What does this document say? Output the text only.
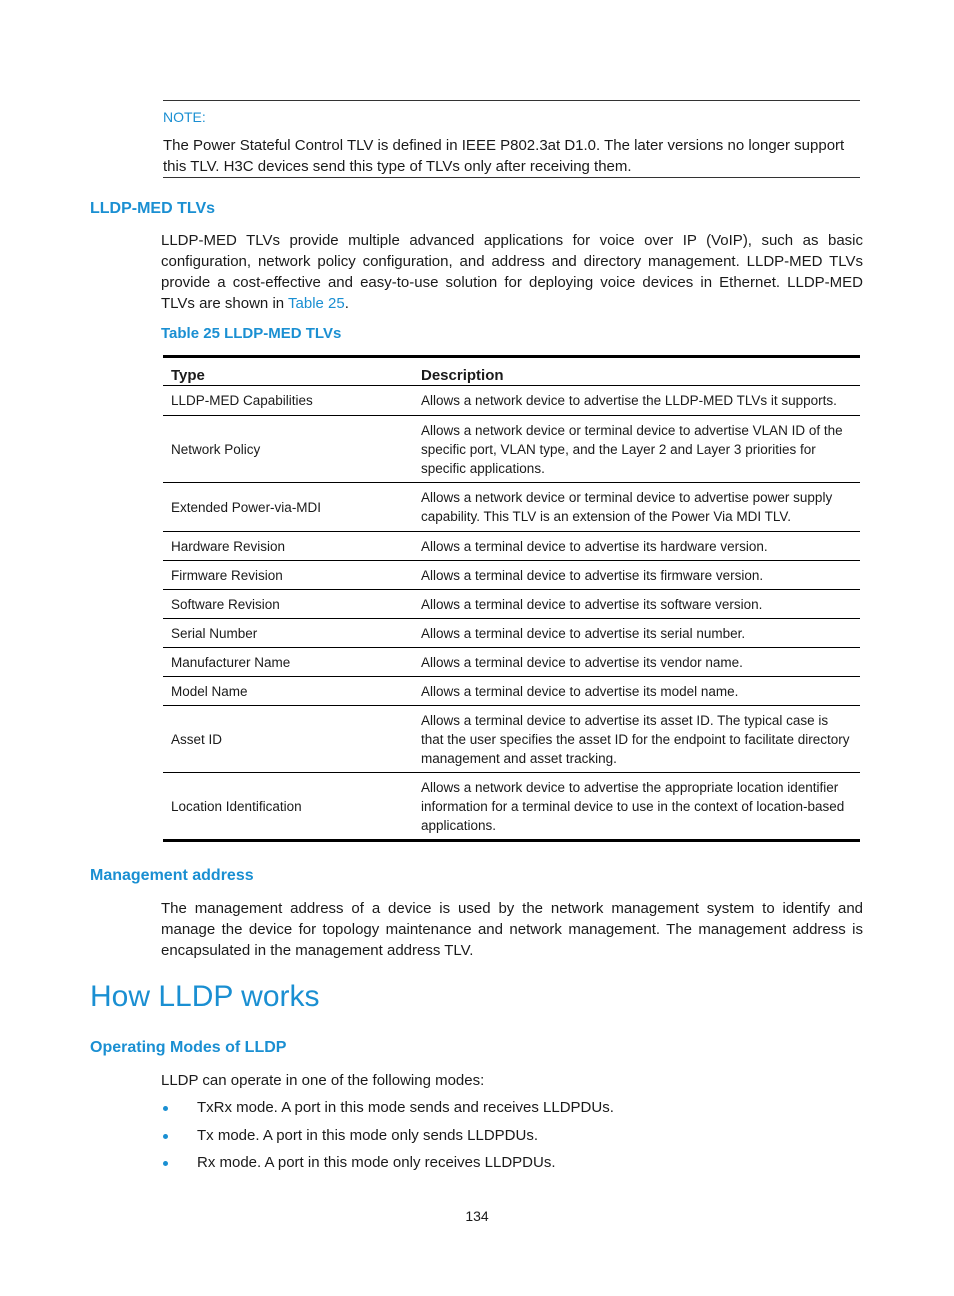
NOTE:
The Power Stateful Control TLV is defined in IEEE P802.3at D1.0. The later versions no longer support this TLV. H3C devices send this type of TLVs only after receiving them.
LLDP-MED TLVs
LLDP-MED TLVs provide multiple advanced applications for voice over IP (VoIP), such as basic configuration, network policy configuration, and address and directory management. LLDP-MED TLVs provide a cost-effective and easy-to-use solution for deploying voice devices in Ethernet. LLDP-MED TLVs are shown in Table 25.
Table 25 LLDP-MED TLVs
Type	Description
LLDP-MED Capabilities	Allows a network device to advertise the LLDP-MED TLVs it supports.
Network Policy	Allows a network device or terminal device to advertise VLAN ID of the specific port, VLAN type, and the Layer 2 and Layer 3 priorities for specific applications.
Extended Power-via-MDI	Allows a network device or terminal device to advertise power supply capability. This TLV is an extension of the Power Via MDI TLV.
Hardware Revision	Allows a terminal device to advertise its hardware version.
Firmware Revision	Allows a terminal device to advertise its firmware version.
Software Revision	Allows a terminal device to advertise its software version.
Serial Number	Allows a terminal device to advertise its serial number.
Manufacturer Name	Allows a terminal device to advertise its vendor name.
Model Name	Allows a terminal device to advertise its model name.
Asset ID	Allows a terminal device to advertise its asset ID. The typical case is that the user specifies the asset ID for the endpoint to facilitate directory management and asset tracking.
Location Identification	Allows a network device to advertise the appropriate location identifier information for a terminal device to use in the context of location-based applications.
Management address
The management address of a device is used by the network management system to identify and manage the device for topology maintenance and network management. The management address is encapsulated in the management address TLV.
How LLDP works
Operating Modes of LLDP
LLDP can operate in one of the following modes:
TxRx mode. A port in this mode sends and receives LLDPDUs.
Tx mode. A port in this mode only sends LLDPDUs.
Rx mode. A port in this mode only receives LLDPDUs.
134
